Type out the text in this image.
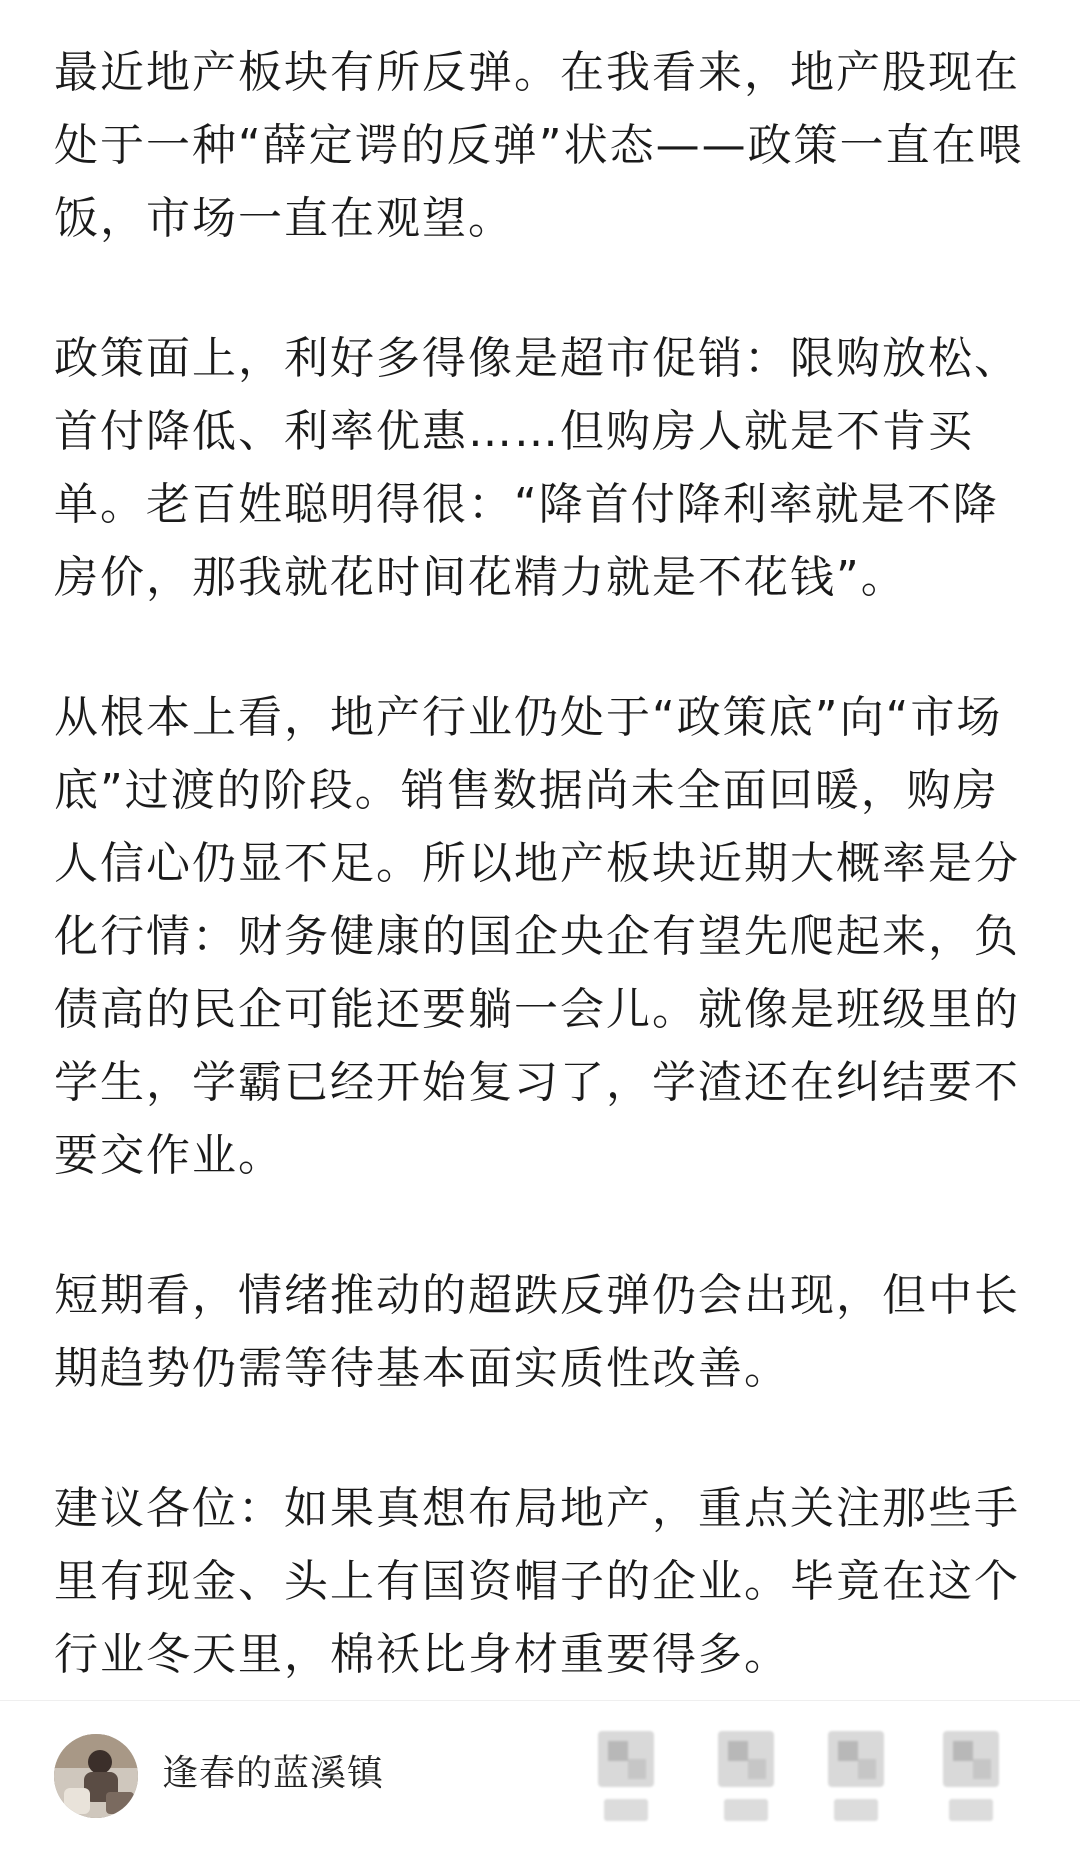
最近地产板块有所反弹。在我看来，地产股现在处于一种“薛定谔的反弹”状态——政策一直在喂饭，市场一直在观望。

政策面上，利好多得像是超市促销：限购放松、首付降低、利率优惠……但购房人就是不肯买单。老百姓聪明得很：“降首付降利率就是不降房价，那我就花时间花精力就是不花钱”。

从根本上看，地产行业仍处于“政策底”向“市场底”过渡的阶段。销售数据尚未全面回暖，购房人信心仍显不足。所以地产板块近期大概率是分化行情：财务健康的国企央企有望先爬起来，负债高的民企可能还要躺一会儿。就像是班级里的学生，学霸已经开始复习了，学渣还在纠结要不要交作业。

短期看，情绪推动的超跌反弹仍会出现，但中长期趋势仍需等待基本面实质性改善。

建议各位：如果真想布局地产，重点关注那些手里有现金、头上有国资帽子的企业。毕竟在这个行业冬天里，棉袄比身材重要得多。

逢春的蓝溪镇
